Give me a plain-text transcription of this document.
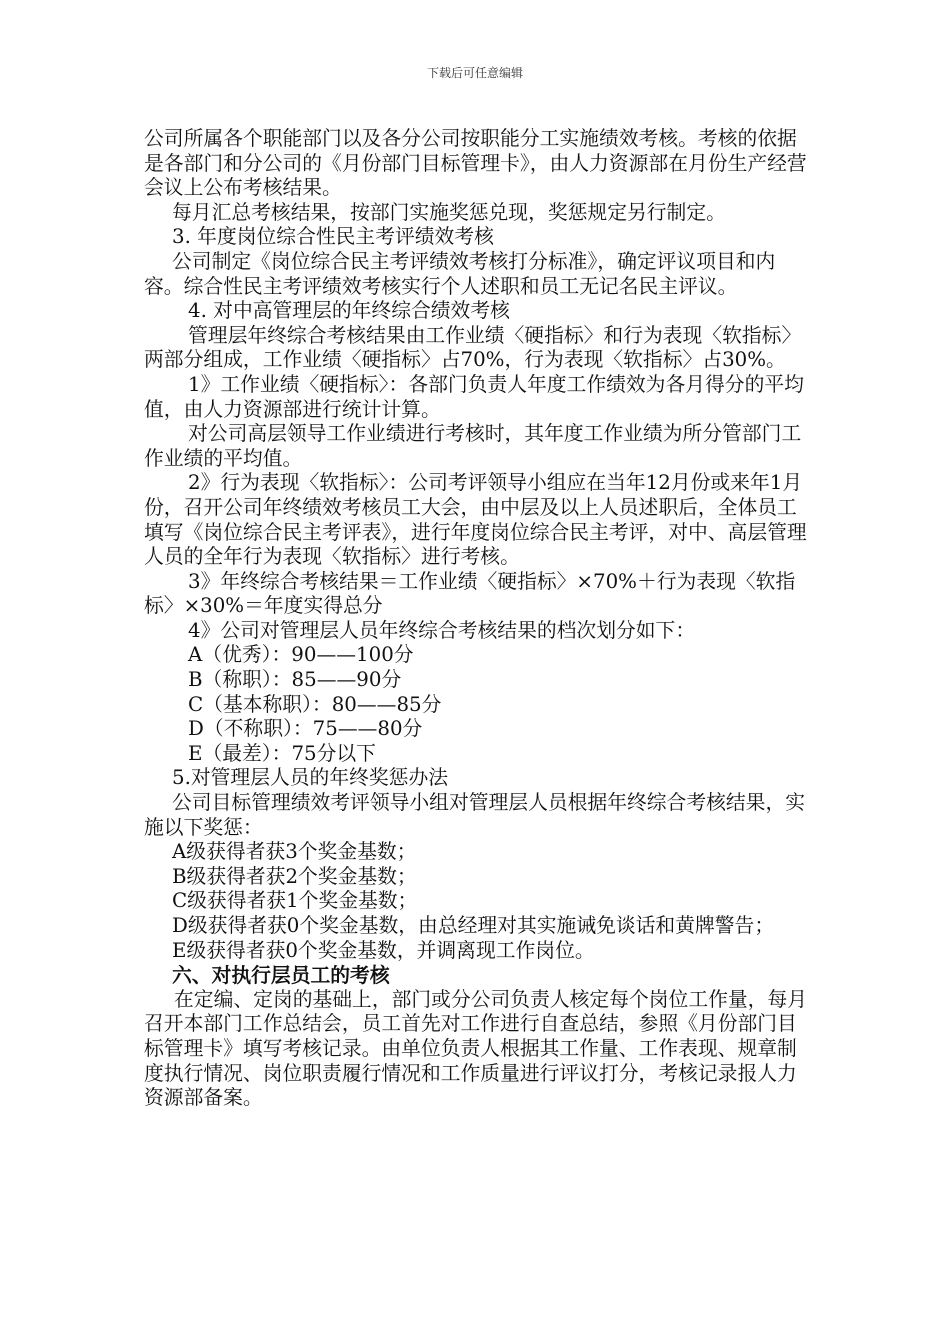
下载后可任意编辑

公司所属各个职能部门以及各分公司按职能分工实施绩效考核。考核的依据是各部门和分公司的《月份部门目标管理卡》，由人力资源部在月份生产经营会议上公布考核结果。

每月汇总考核结果，按部门实施奖惩兑现，奖惩规定另行制定。

3. 年度岗位综合性民主考评绩效考核

公司制定《岗位综合民主考评绩效考核打分标准》，确定评议项目和内容。综合性民主考评绩效考核实行个人述职和员工无记名民主评议。

4. 对中高管理层的年终综合绩效考核

管理层年终综合考核结果由工作业绩〈硬指标〉和行为表现〈软指标〉两部分组成，工作业绩〈硬指标〉占70%，行为表现〈软指标〉占30%。

1》工作业绩〈硬指标〉：各部门负责人年度工作绩效为各月得分的平均值，由人力资源部进行统计计算。

对公司高层领导工作业绩进行考核时，其年度工作业绩为所分管部门工作业绩的平均值。

2》行为表现〈软指标〉：公司考评领导小组应在当年12月份或来年1月份，召开公司年终绩效考核员工大会，由中层及以上人员述职后，全体员工填写《岗位综合民主考评表》，进行年度岗位综合民主考评，对中、高层管理人员的全年行为表现〈软指标〉进行考核。

3》年终综合考核结果＝工作业绩〈硬指标〉×70%＋行为表现〈软指标〉×30%＝年度实得总分

4》公司对管理层人员年终综合考核结果的档次划分如下：

A（优秀）：90——100分

B（称职）：85——90分

C（基本称职）：80——85分

D（不称职）：75——80分

E（最差）：75分以下

5.对管理层人员的年终奖惩办法

公司目标管理绩效考评领导小组对管理层人员根据年终综合考核结果，实施以下奖惩：

A级获得者获3个奖金基数；

B级获得者获2个奖金基数；

C级获得者获1个奖金基数；

D级获得者获0个奖金基数，由总经理对其实施诫免谈话和黄牌警告；

E级获得者获0个奖金基数，并调离现工作岗位。

六、对执行层员工的考核

在定编、定岗的基础上，部门或分公司负责人核定每个岗位工作量，每月召开本部门工作总结会，员工首先对工作进行自查总结，参照《月份部门目标管理卡》填写考核记录。由单位负责人根据其工作量、工作表现、规章制度执行情况、岗位职责履行情况和工作质量进行评议打分，考核记录报人力资源部备案。
